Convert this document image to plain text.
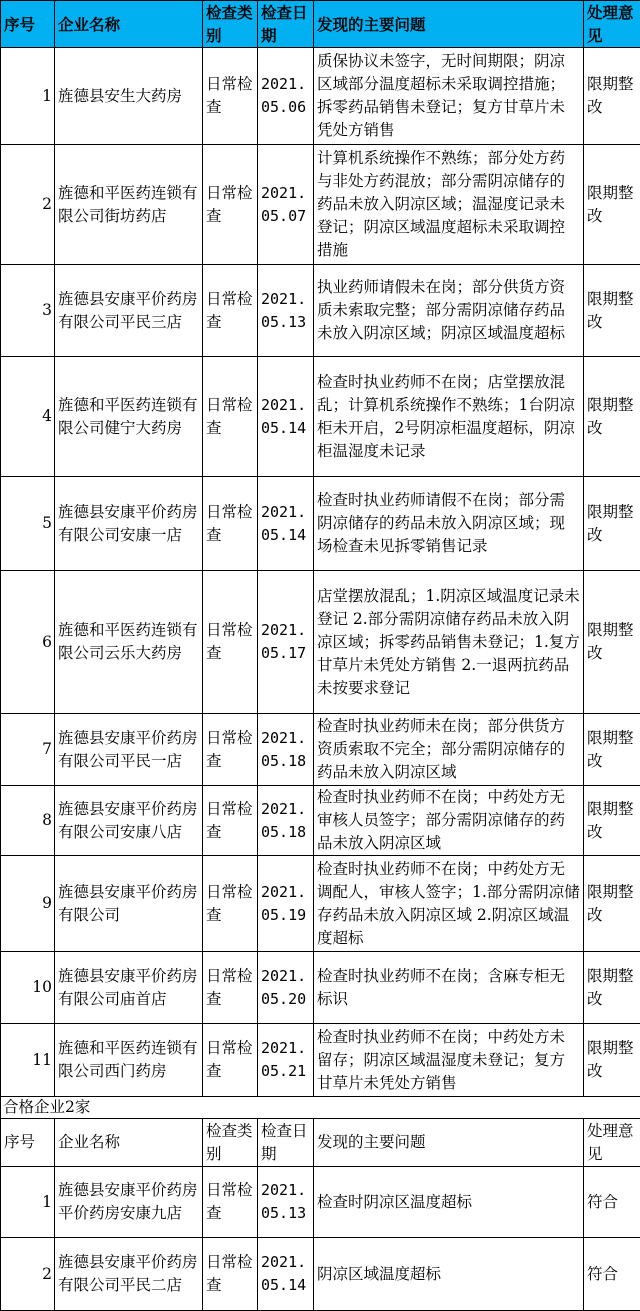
序号	企业名称	检查类别	检查日期	发现的主要问题	处理意见
1	旌德县安生大药房	日常检查	2021.05.06	质保协议未签字，无时间期限；阴凉区域部分温度超标未采取调控措施；拆零药品销售未登记；复方甘草片未凭处方销售	限期整改
2	旌德和平医药连锁有限公司街坊药店	日常检查	2021.05.07	计算机系统操作不熟练；部分处方药与非处方药混放；部分需阴凉储存的药品未放入阴凉区域；温湿度记录未登记；阴凉区域温度超标未采取调控措施	限期整改
3	旌德县安康平价药房有限公司平民三店	日常检查	2021.05.13	执业药师请假未在岗；部分供货方资质未索取完整；部分需阴凉储存药品未放入阴凉区域；阴凉区域温度超标	限期整改
4	旌德和平医药连锁有限公司健宁大药房	日常检查	2021.05.14	检查时执业药师不在岗；店堂摆放混乱；计算机系统操作不熟练；1台阴凉柜未开启，2号阴凉柜温度超标，阴凉柜温湿度未记录	限期整改
5	旌德县安康平价药房有限公司安康一店	日常检查	2021.05.14	检查时执业药师请假不在岗；部分需阴凉储存的药品未放入阴凉区域；现场检查未见拆零销售记录	限期整改
6	旌德和平医药连锁有限公司云乐大药房	日常检查	2021.05.17	店堂摆放混乱；1.阴凉区域温度记录未登记 2.部分需阴凉储存药品未放入阴凉区域；拆零药品销售未登记；1.复方甘草片未凭处方销售 2.一退两抗药品未按要求登记	限期整改
7	旌德县安康平价药房有限公司平民一店	日常检查	2021.05.18	检查时执业药师未在岗；部分供货方资质索取不完全；部分需阴凉储存的药品未放入阴凉区域	限期整改
8	旌德县安康平价药房有限公司安康八店	日常检查	2021.05.18	检查时执业药师不在岗；中药处方无审核人员签字；部分需阴凉储存的药品未放入阴凉区域	限期整改
9	旌德县安康平价药房有限公司	日常检查	2021.05.19	检查时执业药师不在岗；中药处方无调配人，审核人签字；1.部分需阴凉储存药品未放入阴凉区域 2.阴凉区域温度超标	限期整改
10	旌德县安康平价药房有限公司庙首店	日常检查	2021.05.20	检查时执业药师不在岗；含麻专柜无标识	限期整改
11	旌德和平医药连锁有限公司西门药房	日常检查	2021.05.21	检查时执业药师不在岗；中药处方未留存；阴凉区域温湿度未登记；复方甘草片未凭处方销售	限期整改
合格企业2家
序号	企业名称	检查类别	检查日期	发现的主要问题	处理意见
1	旌德县安康平价药房平价药房安康九店	日常检查	2021.05.13	检查时阴凉区温度超标	符合
2	旌德县安康平价药房有限公司平民二店	日常检查	2021.05.14	阴凉区域温度超标	符合
